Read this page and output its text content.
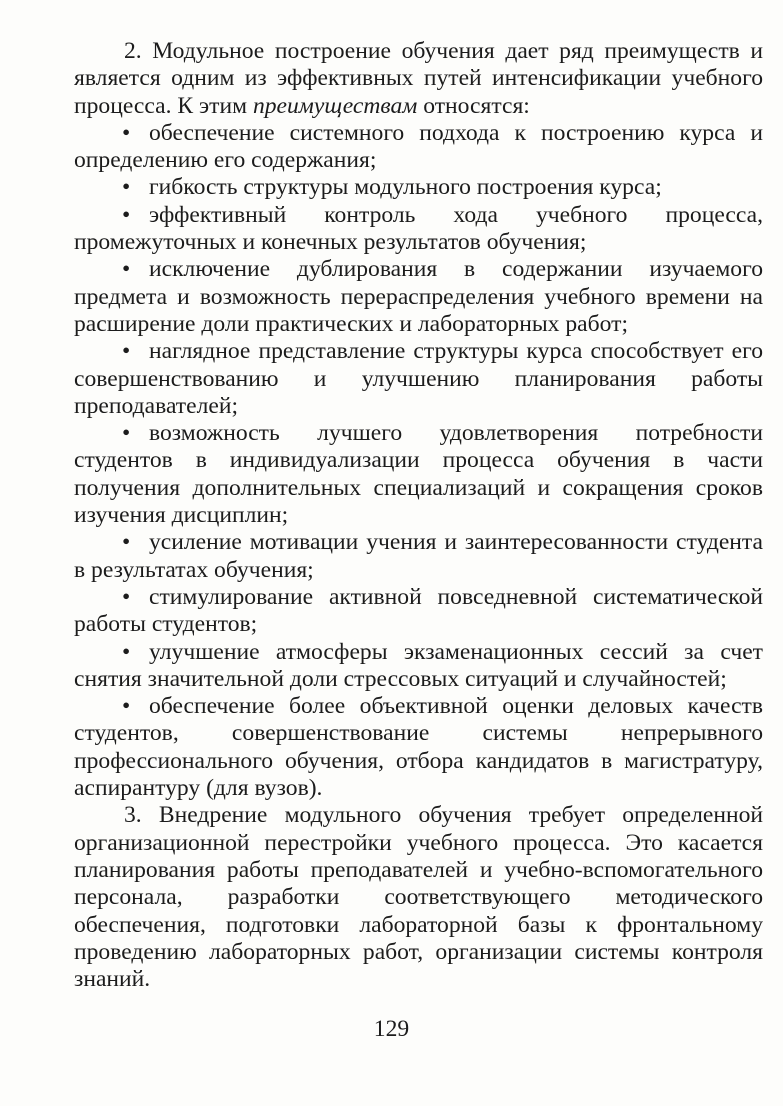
2. Модульное построение обучения дает ряд преимуществ и является одним из эффективных путей интенсификации учебного процесса. К этим преимуществам относятся:

• обеспечение системного подхода к построению курса и определению его содержания;

• гибкость структуры модульного построения курса;

• эффективный контроль хода учебного процесса, промежуточных и конечных результатов обучения;

• исключение дублирования в содержании изучаемого предмета и возможность перераспределения учебного времени на расширение доли практических и лабораторных работ;

• наглядное представление структуры курса способствует его совершенствованию и улучшению планирования работы преподавателей;

• возможность лучшего удовлетворения потребности студентов в индивидуализации процесса обучения в части получения дополнительных специализаций и сокращения сроков изучения дисциплин;

• усиление мотивации учения и заинтересованности студента в результатах обучения;

• стимулирование активной повседневной систематической работы студентов;

• улучшение атмосферы экзаменационных сессий за счет снятия значительной доли стрессовых ситуаций и случайностей;

• обеспечение более объективной оценки деловых качеств студентов, совершенствование системы непрерывного профессионального обучения, отбора кандидатов в магистратуру, аспирантуру (для вузов).

3. Внедрение модульного обучения требует определенной организационной перестройки учебного процесса. Это касается планирования работы преподавателей и учебно-вспомогательного персонала, разработки соответствующего методического обеспечения, подготовки лабораторной базы к фронтальному проведению лабораторных работ, организации системы контроля знаний.

129
